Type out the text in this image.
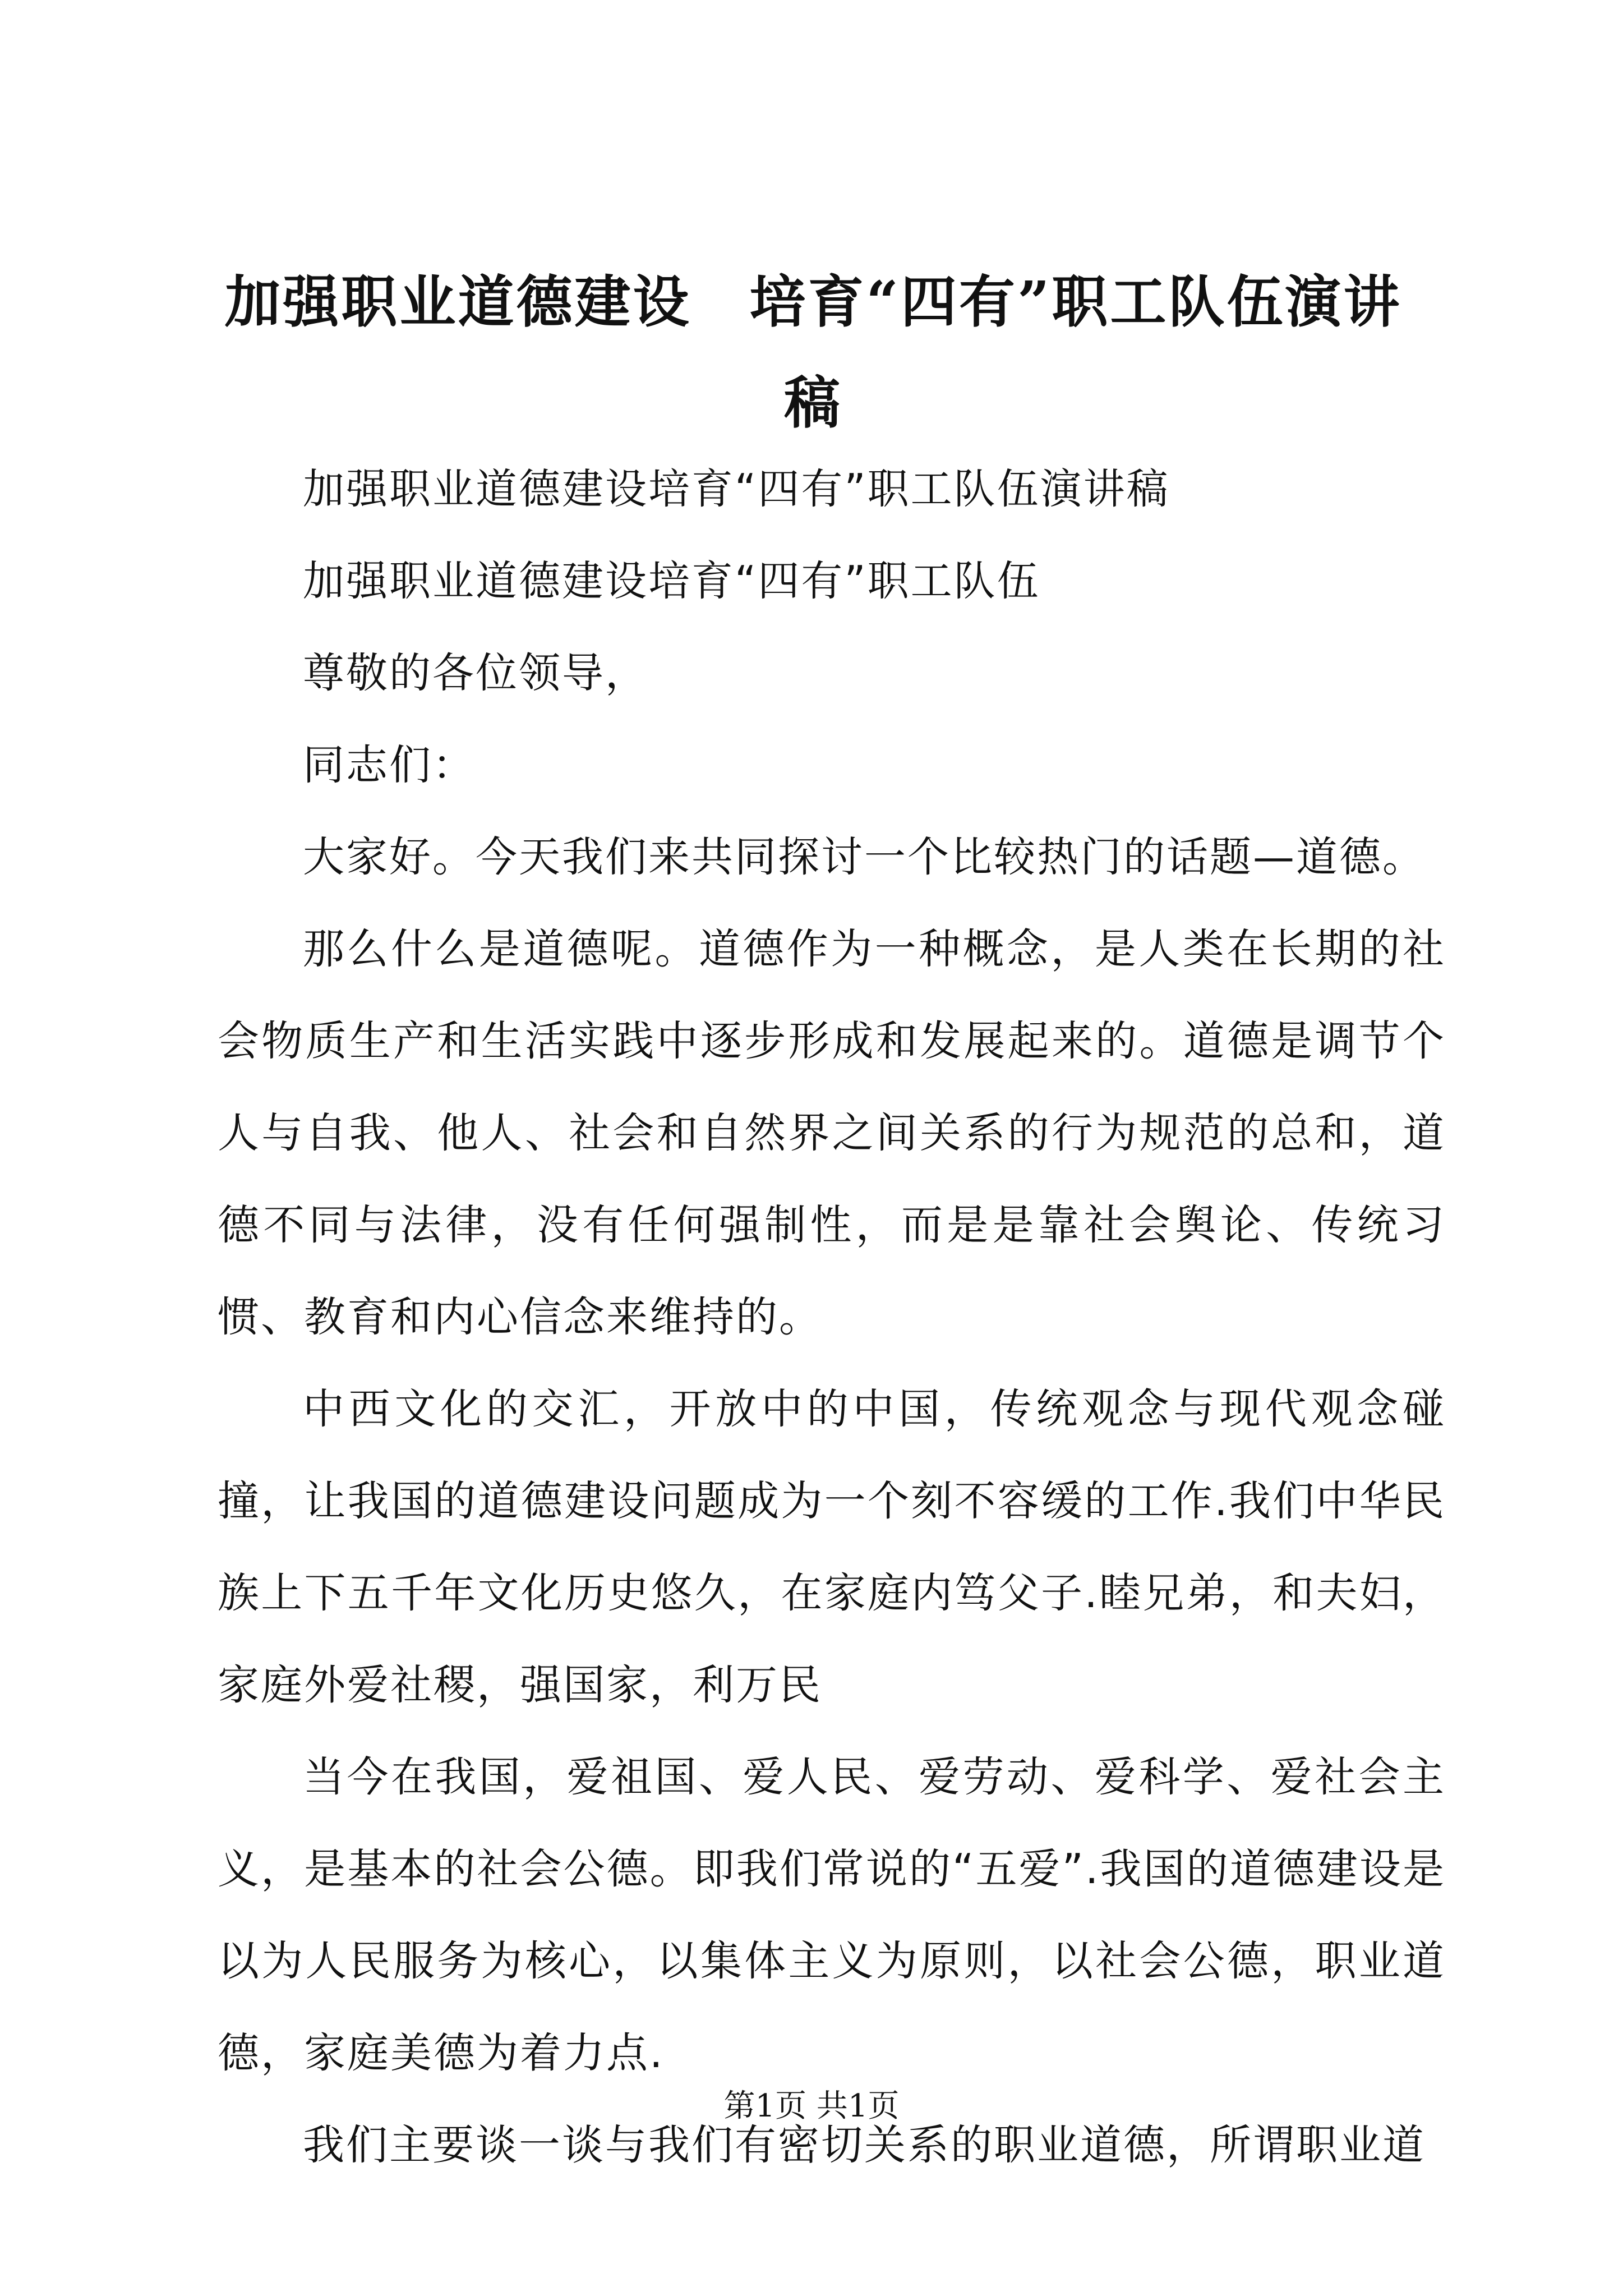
加强职业道德建设　培育“四有”职工队伍演讲稿

加强职业道德建设培育“四有”职工队伍演讲稿

加强职业道德建设培育“四有”职工队伍

尊敬的各位领导，

同志们：

大家好。今天我们来共同探讨一个比较热门的话题—道德。

那么什么是道德呢。道德作为一种概念，是人类在长期的社会物质生产和生活实践中逐步形成和发展起来的。道德是调节个人与自我、他人、社会和自然界之间关系的行为规范的总和，道德不同与法律，没有任何强制性，而是是靠社会舆论、传统习惯、教育和内心信念来维持的。

中西文化的交汇，开放中的中国，传统观念与现代观念碰撞，让我国的道德建设问题成为一个刻不容缓的工作.我们中华民族上下五千年文化历史悠久，在家庭内笃父子.睦兄弟，和夫妇，家庭外爱社稷，强国家，利万民

当今在我国，爱祖国、爱人民、爱劳动、爱科学、爱社会主义，是基本的社会公德。即我们常说的“五爱”.我国的道德建设是以为人民服务为核心，以集体主义为原则，以社会公德，职业道德，家庭美德为着力点.

我们主要谈一谈与我们有密切关系的职业道德，所谓职业道

第1页 共1页
